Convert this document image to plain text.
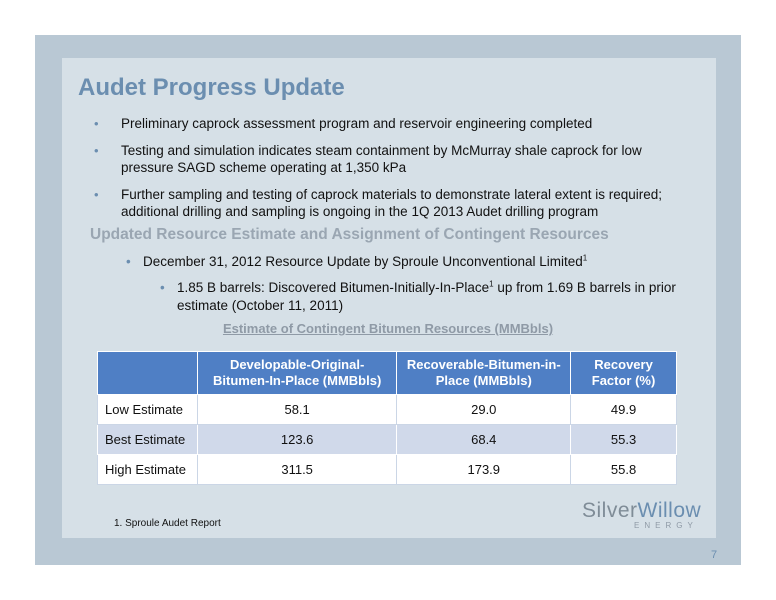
Audet Progress Update
• Preliminary caprock assessment program and reservoir engineering completed
• Testing and simulation indicates steam containment by McMurray shale caprock for low pressure SAGD scheme operating at 1,350 kPa
• Further sampling and testing of caprock materials to demonstrate lateral extent is required; additional drilling and sampling is ongoing in the 1Q 2013 Audet drilling program
Updated Resource Estimate and Assignment of Contingent Resources
• December 31, 2012 Resource Update by Sproule Unconventional Limited$^1$
• 1.85 B barrels: Discovered Bitumen-Initially-In-Place$^1$ up from 1.69 B barrels in prior estimate (October 11, 2011)
Estimate of Contingent Bitumen Resources (MMBbls)
	Developable-Original-Bitumen-In-Place (MMBbls)	Recoverable-Bitumen-in-Place (MMBbls)	Recovery Factor (%)
Low Estimate	58.1	29.0	49.9
Best Estimate	123.6	68.4	55.3
High Estimate	311.5	173.9	55.8
1. Sproule Audet Report
SilverWillow
ENERGY
7
